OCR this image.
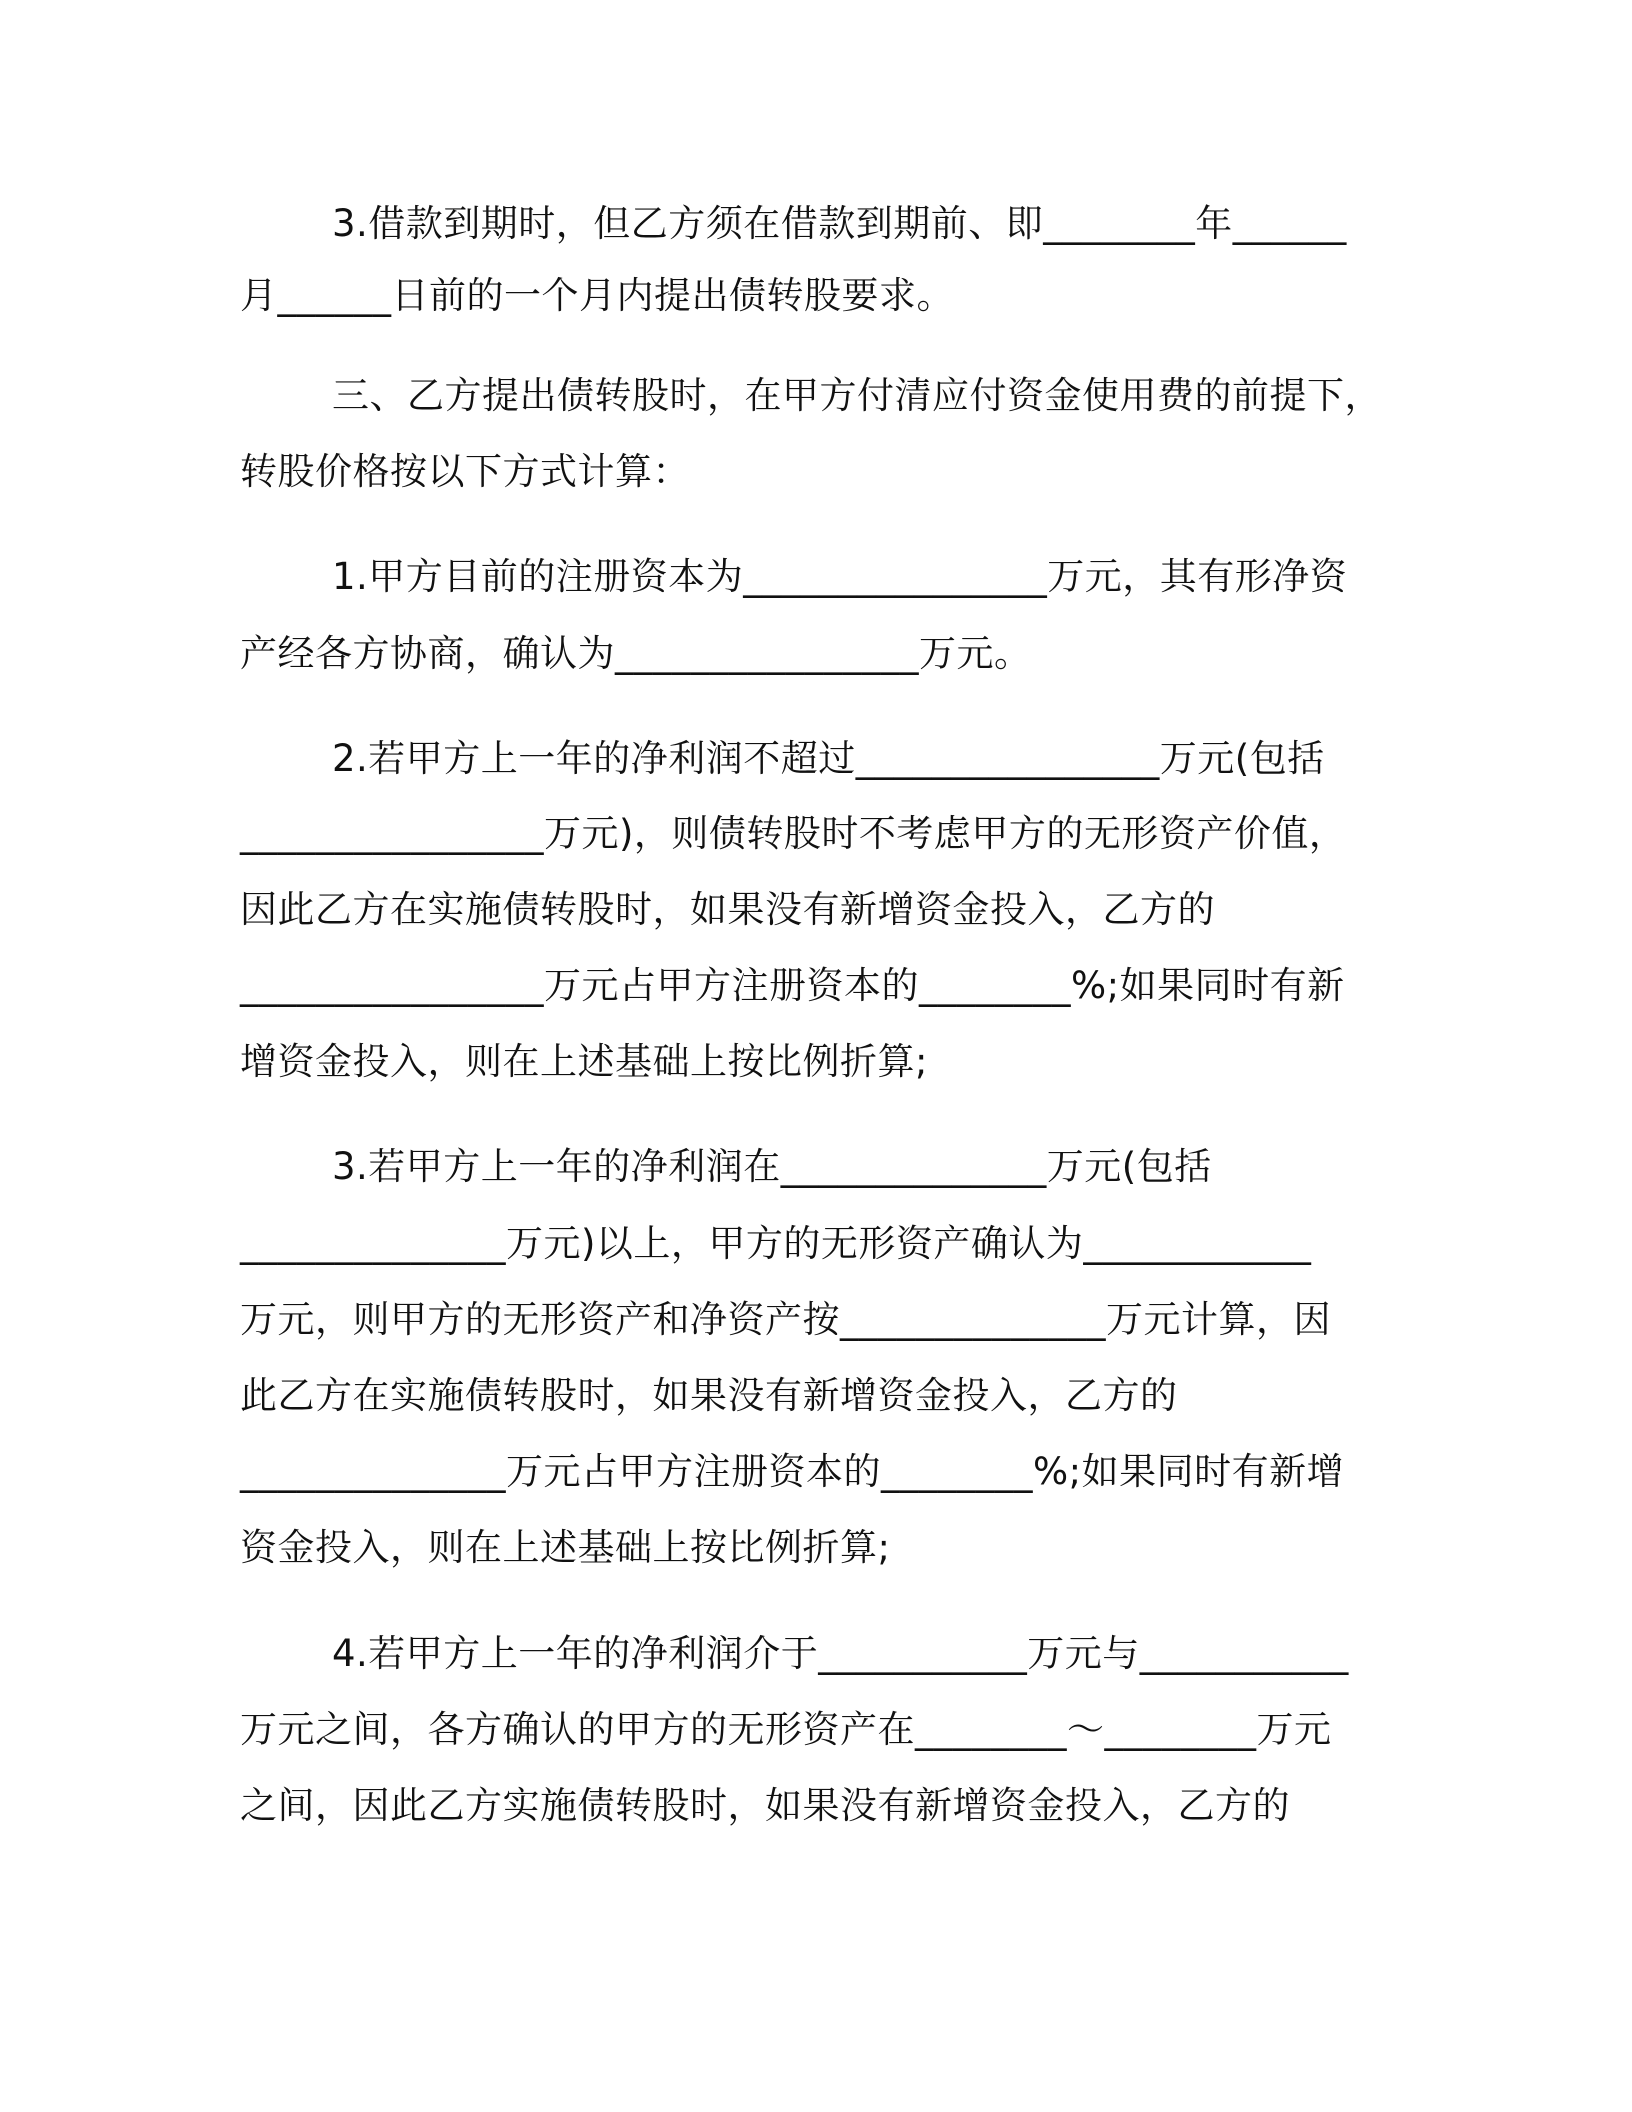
3.借款到期时，但乙方须在借款到期前、即________年______
月______日前的一个月内提出债转股要求。
三、乙方提出债转股时，在甲方付清应付资金使用费的前提下，
转股价格按以下方式计算：
1.甲方目前的注册资本为________________万元，其有形净资
产经各方协商，确认为________________万元。
2.若甲方上一年的净利润不超过________________万元(包括
________________万元)，则债转股时不考虑甲方的无形资产价值，
因此乙方在实施债转股时，如果没有新增资金投入，乙方的
________________万元占甲方注册资本的________%;如果同时有新
增资金投入，则在上述基础上按比例折算;
3.若甲方上一年的净利润在______________万元(包括
______________万元)以上，甲方的无形资产确认为____________
万元，则甲方的无形资产和净资产按______________万元计算，因
此乙方在实施债转股时，如果没有新增资金投入，乙方的
______________万元占甲方注册资本的________%;如果同时有新增
资金投入，则在上述基础上按比例折算;
4.若甲方上一年的净利润介于___________万元与___________
万元之间，各方确认的甲方的无形资产在________～________万元
之间，因此乙方实施债转股时，如果没有新增资金投入，乙方的
